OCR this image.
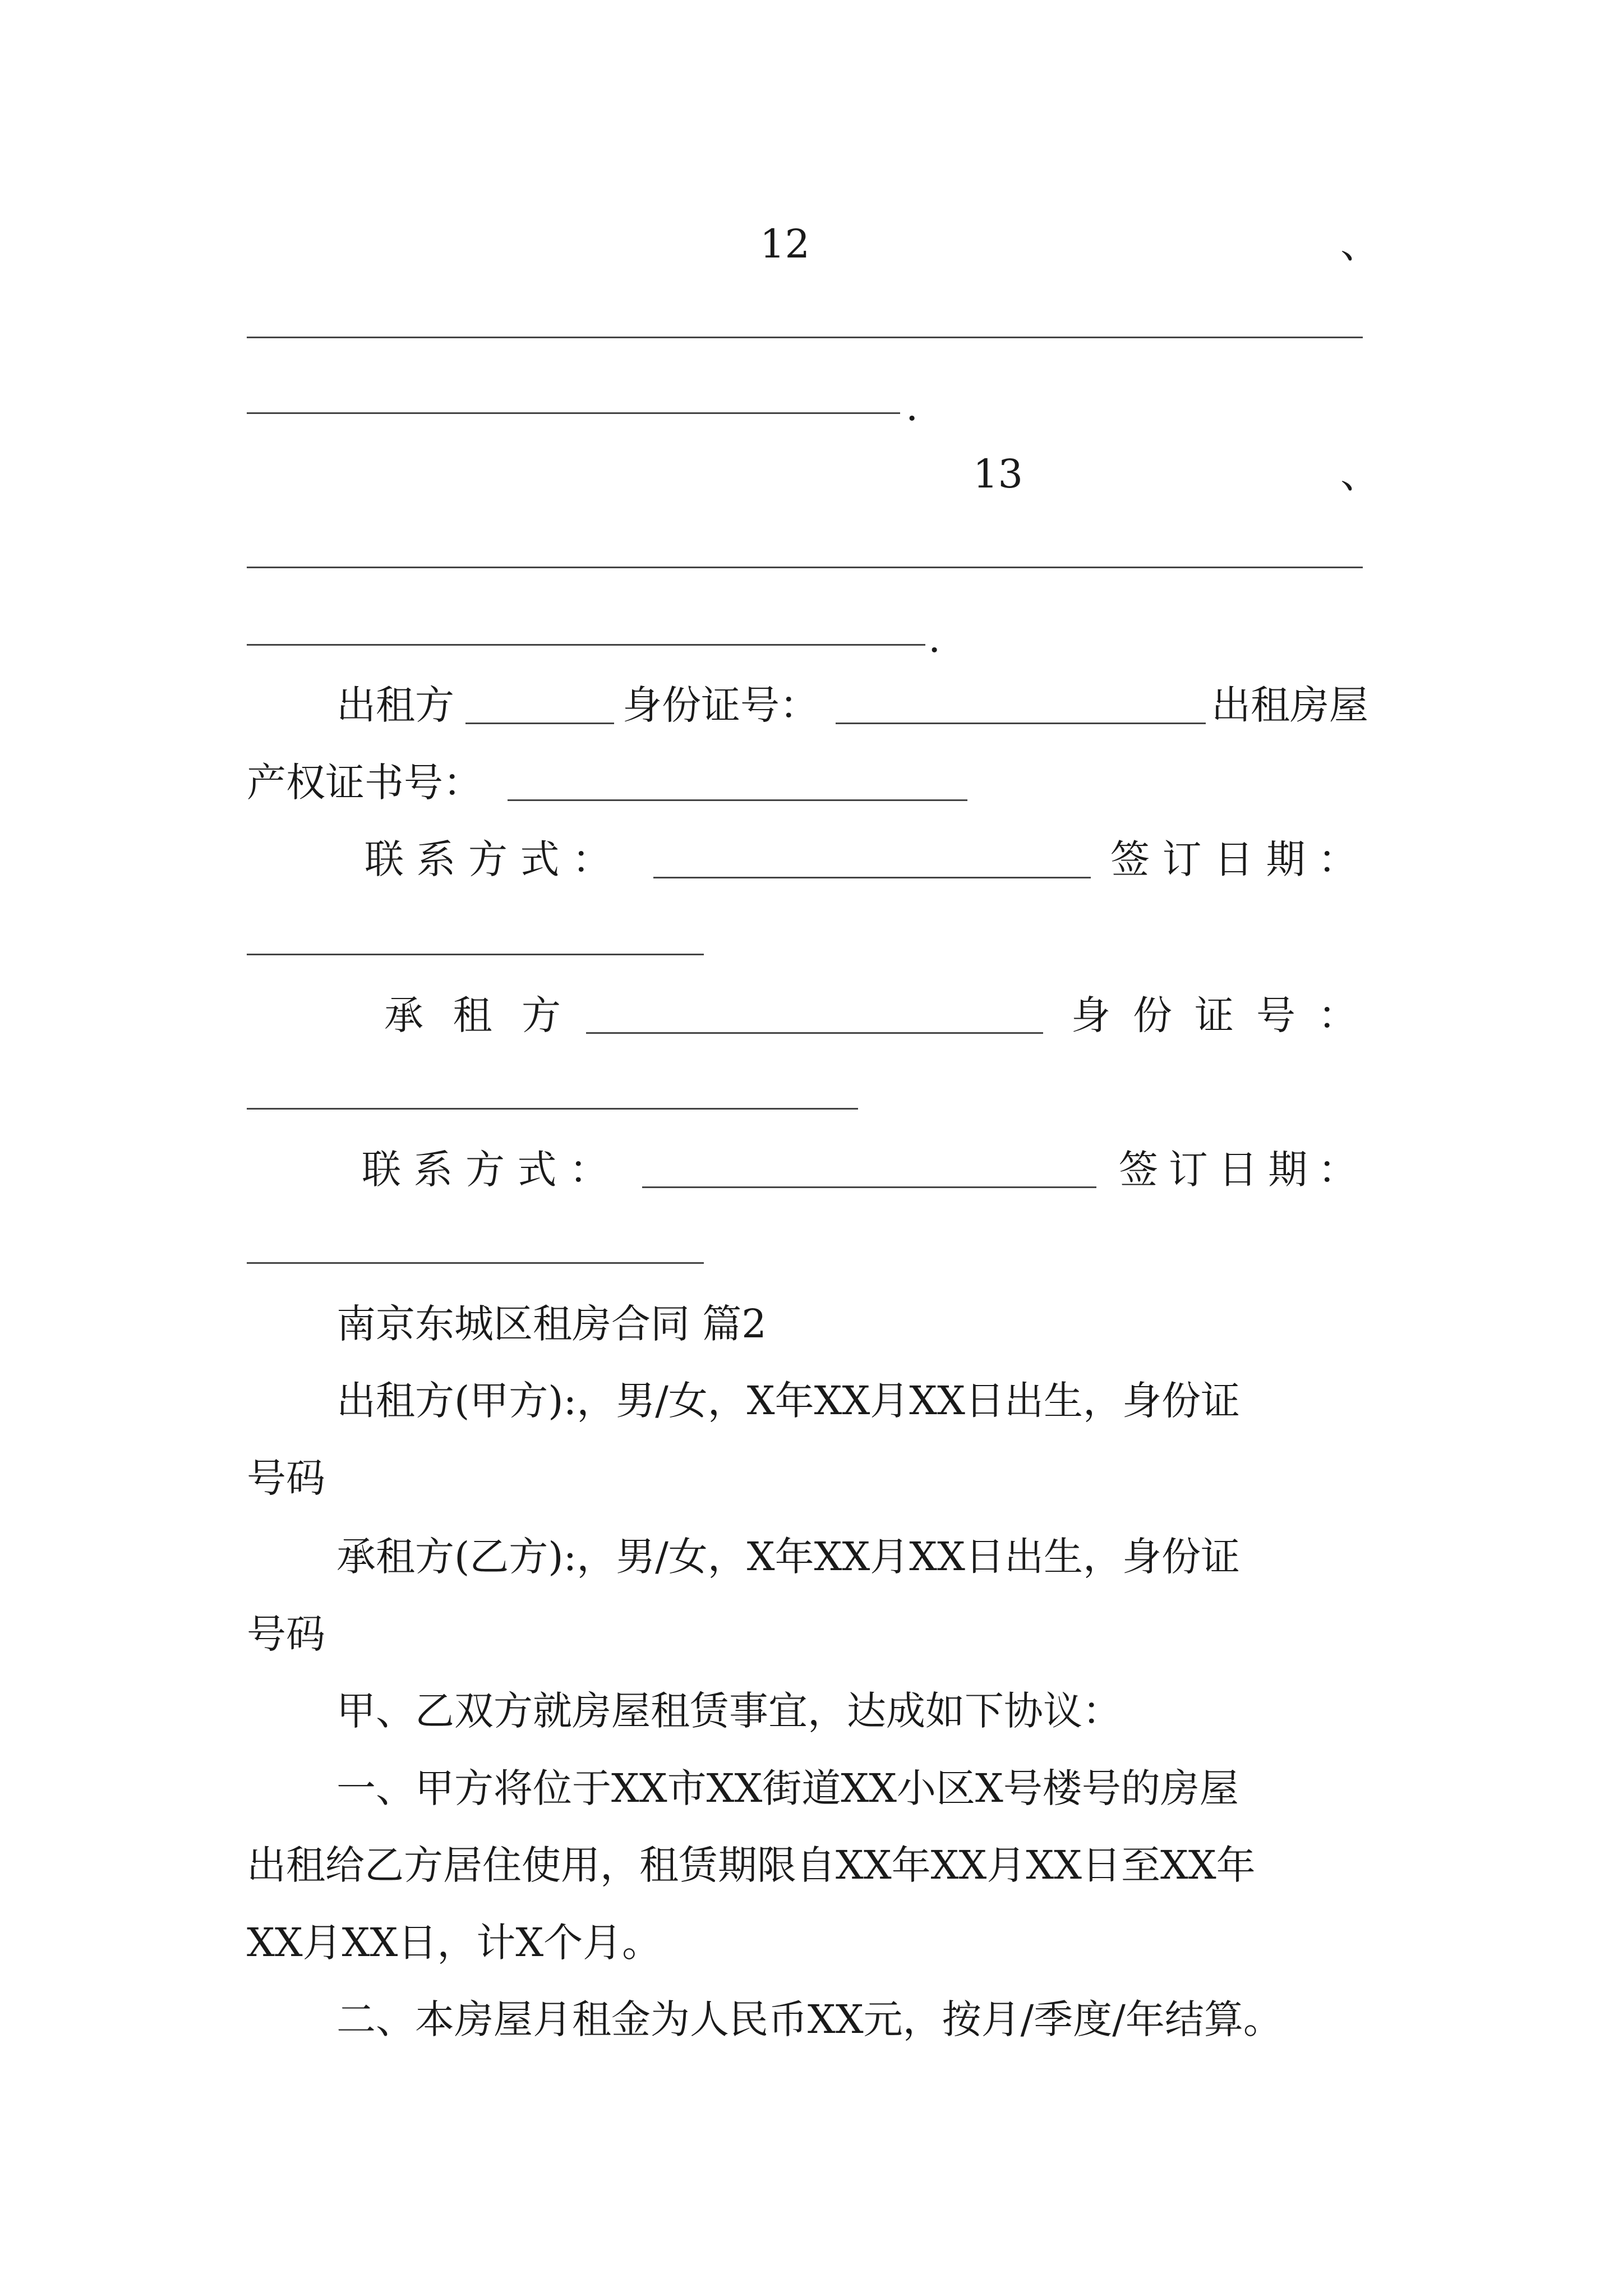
12	、
.
13	、
.
出租方	身份证号：	出租房屋
产权证书号：
联 系 方 式 ：	签 订 日 期 ：
承 租 方	身 份 证 号 ：
联 系 方 式 ：	签 订 日 期 ：
南京东城区租房合同 篇2
出租方(甲方):，男/女，X年XX月XX日出生，身份证
号码
承租方(乙方):，男/女，X年XX月XX日出生，身份证
号码
甲、乙双方就房屋租赁事宜，达成如下协议：
一、甲方将位于XX市XX街道XX小区X号楼号的房屋
出租给乙方居住使用，租赁期限自XX年XX月XX日至XX年
XX月XX日，计X个月。
二、本房屋月租金为人民币XX元，按月/季度/年结算。
